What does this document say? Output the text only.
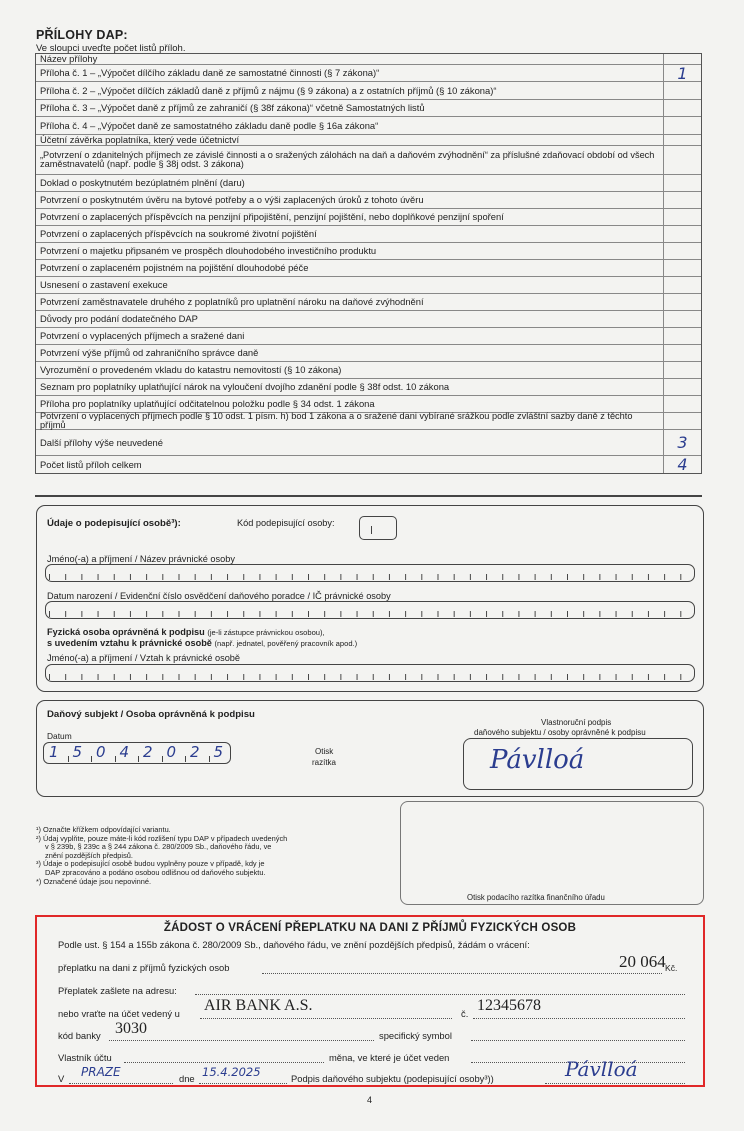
PŘÍLOHY DAP:
Ve sloupci uveďte počet listů příloh.
Název přílohy
Příloha č. 1 – „Výpočet dílčího základu daně ze samostatné činnosti (§ 7 zákona)“	1
Příloha č. 2 – „Výpočet dílčích základů daně z příjmů z nájmu (§ 9 zákona) a z ostatních příjmů (§ 10 zákona)“
Příloha č. 3 – „Výpočet daně z příjmů ze zahraničí (§ 38f zákona)“ včetně Samostatných listů
Příloha č. 4 – „Výpočet daně ze samostatného základu daně podle § 16a zákona“
Účetní závěrka poplatníka, který vede účetnictví
„Potvrzení o zdanitelných příjmech ze závislé činnosti a o sražených zálohách na daň a daňovém zvýhodnění“ za příslušné zdaňovací období od všech zaměstnavatelů (např. podle § 38j odst. 3 zákona)
Doklad o poskytnutém bezúplatném plnění (daru)
Potvrzení o poskytnutém úvěru na bytové potřeby a o výši zaplacených úroků z tohoto úvěru
Potvrzení o zaplacených příspěvcích na penzijní připojištění, penzijní pojištění, nebo doplňkové penzijní spoření
Potvrzení o zaplacených příspěvcích na soukromé životní pojištění
Potvrzení o majetku připsaném ve prospěch dlouhodobého investičního produktu
Potvrzení o zaplaceném pojistném na pojištění dlouhodobé péče
Usnesení o zastavení exekuce
Potvrzení zaměstnavatele druhého z poplatníků pro uplatnění nároku na daňové zvýhodnění
Důvody pro podání dodatečného DAP
Potvrzení o vyplacených příjmech a sražené dani
Potvrzení výše příjmů od zahraničního správce daně
Vyrozumění o provedeném vkladu do katastru nemovitostí (§ 10 zákona)
Seznam pro poplatníky uplatňující nárok na vyloučení dvojího zdanění podle § 38f odst. 10 zákona
Příloha pro poplatníky uplatňující odčitatelnou položku podle § 34 odst. 1 zákona
Potvrzení o vyplacených příjmech podle § 10 odst. 1 písm. h) bod 1 zákona a o sražené dani vybírané srážkou podle zvláštní sazby daně z těchto příjmů
Další přílohy výše neuvedené	3
Počet listů příloh celkem	4
Údaje o podepisující osobě³):	Kód podepisující osoby:
Jméno(-a) a příjmení / Název právnické osoby
Datum narození / Evidenční číslo osvědčení daňového poradce / IČ právnické osoby
Fyzická osoba oprávněná k podpisu (je-li zástupce právnickou osobou),
s uvedením vztahu k právnické osobě (např. jednatel, pověřený pracovník apod.)
Jméno(-a) a příjmení / Vztah k právnické osobě
Daňový subjekt / Osoba oprávněná k podpisu
Datum
1 5 0 4 2 0 2 5	Otisk
razítka
Vlastnoruční podpis
daňového subjektu / osoby oprávněné k podpisu
Pávlloá
¹) Označte křížkem odpovídající variantu.
²) Údaj vyplňte, pouze máte-li kód rozlišení typu DAP v případech uvedených
v § 239b, § 239c a § 244 zákona č. 280/2009 Sb., daňového řádu, ve
znění pozdějších předpisů.
³) Údaje o podepisující osobě budou vyplněny pouze v případě, kdy je
DAP zpracováno a podáno osobou odlišnou od daňového subjektu.
*) Označené údaje jsou nepovinné.
Otisk podacího razítka finančního úřadu
ŽÁDOST O VRÁCENÍ PŘEPLATKU NA DANI Z PŘÍJMŮ FYZICKÝCH OSOB
Podle ust. § 154 a 155b zákona č. 280/2009 Sb., daňového řádu, ve znění pozdějších předpisů, žádám o vrácení:
přeplatku na dani z příjmů fyzických osob	20 064 Kč.
Přeplatek zašlete na adresu:
nebo vraťte na účet vedený u AIR BANK A.S.	č. 12345678
kód banky 3030	specifický symbol
Vlastník účtu	měna, ve které je účet veden
V PRAZE	dne 15.4.2025	Podpis daňového subjektu (podepisující osoby³))	Pávlloá
4
